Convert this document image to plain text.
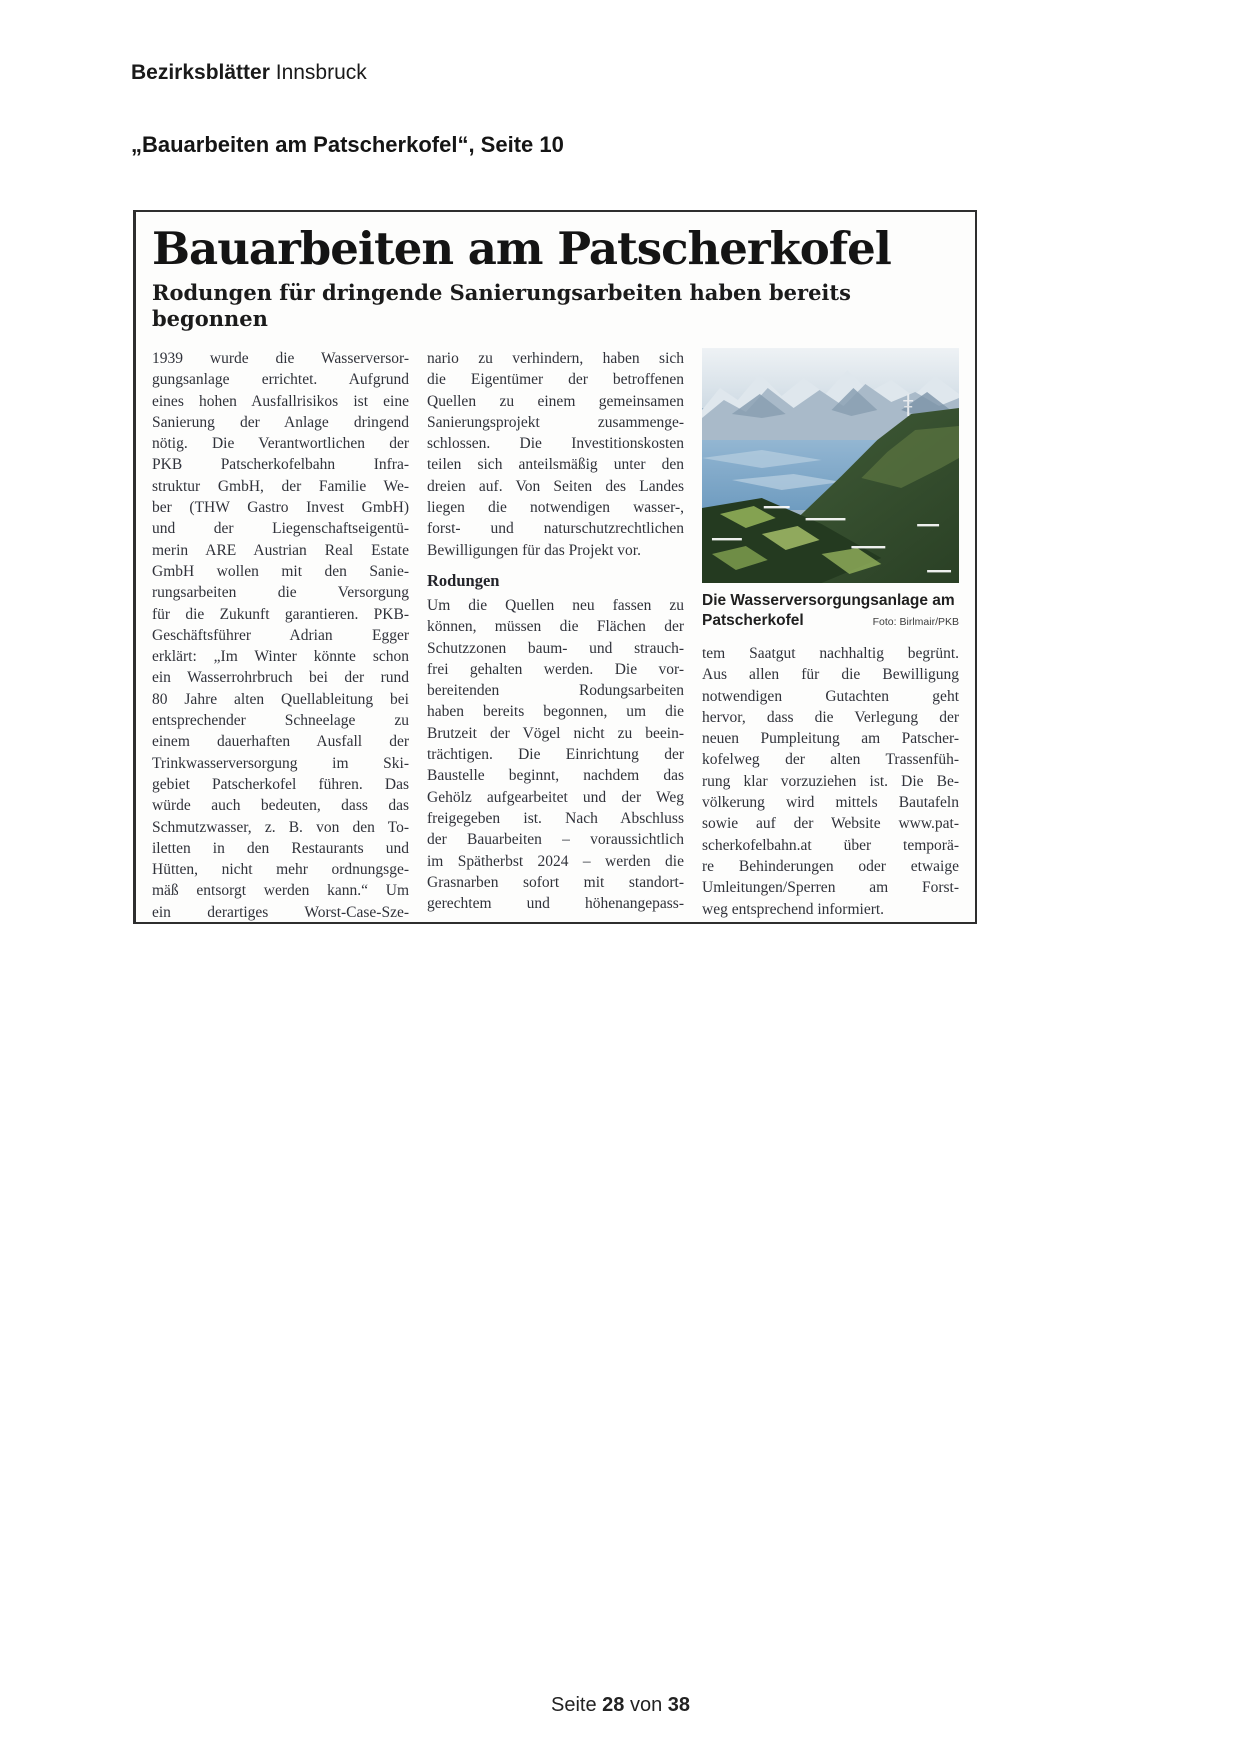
Bezirksblätter Innsbruck
„Bauarbeiten am Patscherkofel“, Seite 10
Bauarbeiten am Patscherkofel
Rodungen für dringende Sanierungsarbeiten haben bereits begonnen
1939 wurde die Wasserversor-
gungsanlage errichtet. Aufgrund
eines hohen Ausfallrisikos ist eine
Sanierung der Anlage dringend
nötig. Die Verantwortlichen der
PKB Patscherkofelbahn Infra-
struktur GmbH, der Familie We-
ber (THW Gastro Invest GmbH)
und der Liegenschaftseigentü-
merin ARE Austrian Real Estate
GmbH wollen mit den Sanie-
rungsarbeiten die Versorgung
für die Zukunft garantieren. PKB-
Geschäftsführer Adrian Egger
erklärt: „Im Winter könnte schon
ein Wasserrohrbruch bei der rund
80 Jahre alten Quellableitung bei
entsprechender Schneelage zu
einem dauerhaften Ausfall der
Trinkwasserversorgung im Ski-
gebiet Patscherkofel führen. Das
würde auch bedeuten, dass das
Schmutzwasser, z. B. von den To-
iletten in den Restaurants und
Hütten, nicht mehr ordnungsge-
mäß entsorgt werden kann.“ Um
ein derartiges Worst-Case-Sze-
nario zu verhindern, haben sich
die Eigentümer der betroffenen
Quellen zu einem gemeinsamen
Sanierungsprojekt zusammenge-
schlossen. Die Investitionskosten
teilen sich anteilsmäßig unter den
dreien auf. Von Seiten des Landes
liegen die notwendigen wasser-,
forst- und naturschutzrechtlichen
Bewilligungen für das Projekt vor.
Rodungen
Um die Quellen neu fassen zu
können, müssen die Flächen der
Schutzzonen baum- und strauch-
frei gehalten werden. Die vor-
bereitenden Rodungsarbeiten
haben bereits begonnen, um die
Brutzeit der Vögel nicht zu beein-
trächtigen. Die Einrichtung der
Baustelle beginnt, nachdem das
Gehölz aufgearbeitet und der Weg
freigegeben ist. Nach Abschluss
der Bauarbeiten – voraussichtlich
im Spätherbst 2024 – werden die
Grasnarben sofort mit standort-
gerechtem und höhenangepass-
Die Wasserversorgungsanlage am
Patscherkofel	Foto: Birlmair/PKB
tem Saatgut nachhaltig begrünt.
Aus allen für die Bewilligung
notwendigen Gutachten geht
hervor, dass die Verlegung der
neuen Pumpleitung am Patscher-
kofelweg der alten Trassenfüh-
rung klar vorzuziehen ist. Die Be-
völkerung wird mittels Bautafeln
sowie auf der Website www.pat-
scherkofelbahn.at über temporä-
re Behinderungen oder etwaige
Umleitungen/Sperren am Forst-
weg entsprechend informiert.
Seite 28 von 38
